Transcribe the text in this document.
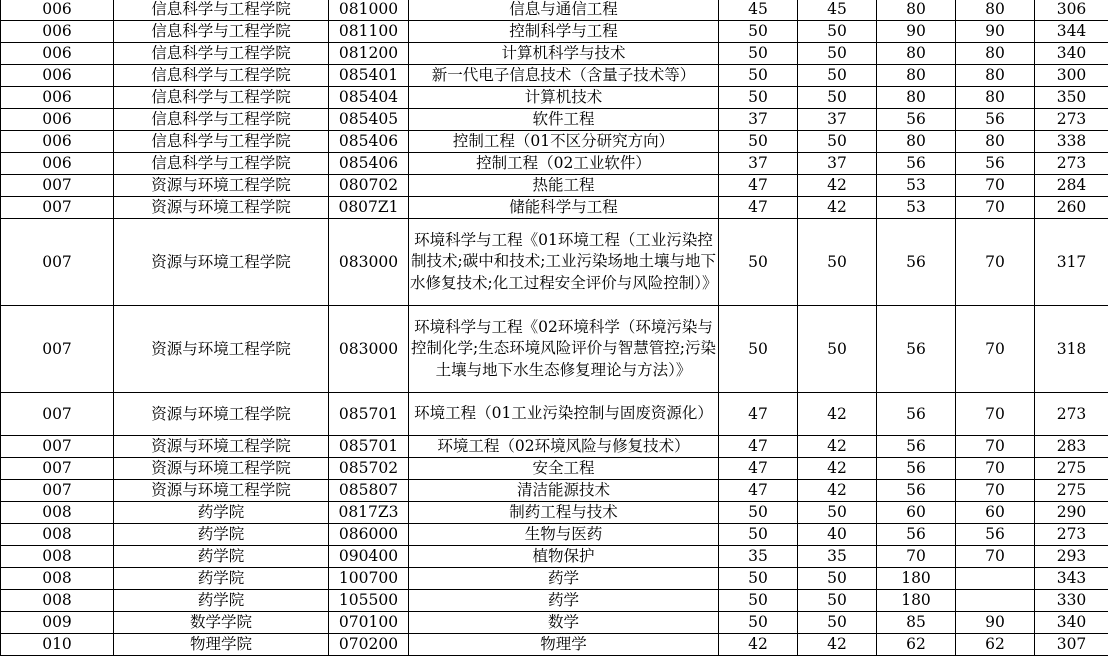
006	信息科学与工程学院	081000	信息与通信工程	45	45	80	80	306
006	信息科学与工程学院	081100	控制科学与工程	50	50	90	90	344
006	信息科学与工程学院	081200	计算机科学与技术	50	50	80	80	340
006	信息科学与工程学院	085401	新一代电子信息技术（含量子技术等）	50	50	80	80	300
006	信息科学与工程学院	085404	计算机技术	50	50	80	80	350
006	信息科学与工程学院	085405	软件工程	37	37	56	56	273
006	信息科学与工程学院	085406	控制工程（01不区分研究方向）	50	50	80	80	338
006	信息科学与工程学院	085406	控制工程（02工业软件）	37	37	56	56	273
007	资源与环境工程学院	080702	热能工程	47	42	53	70	284
007	资源与环境工程学院	0807Z1	储能科学与工程	47	42	53	70	260
007	资源与环境工程学院	083000	环境科学与工程《01环境工程（工业污染控制技术;碳中和技术;工业污染场地土壤与地下水修复技术;化工过程安全评价与风险控制）》	50	50	56	70	317
007	资源与环境工程学院	083000	环境科学与工程《02环境科学（环境污染与控制化学;生态环境风险评价与智慧管控;污染土壤与地下水生态修复理论与方法）》	50	50	56	70	318
007	资源与环境工程学院	085701	环境工程（01工业污染控制与固废资源化）	47	42	56	70	273
007	资源与环境工程学院	085701	环境工程（02环境风险与修复技术）	47	42	56	70	283
007	资源与环境工程学院	085702	安全工程	47	42	56	70	275
007	资源与环境工程学院	085807	清洁能源技术	47	42	56	70	275
008	药学院	0817Z3	制药工程与技术	50	50	60	60	290
008	药学院	086000	生物与医药	50	40	56	56	273
008	药学院	090400	植物保护	35	35	70	70	293
008	药学院	100700	药学	50	50	180		343
008	药学院	105500	药学	50	50	180		330
009	数学学院	070100	数学	50	50	85	90	340
010	物理学院	070200	物理学	42	42	62	62	307
